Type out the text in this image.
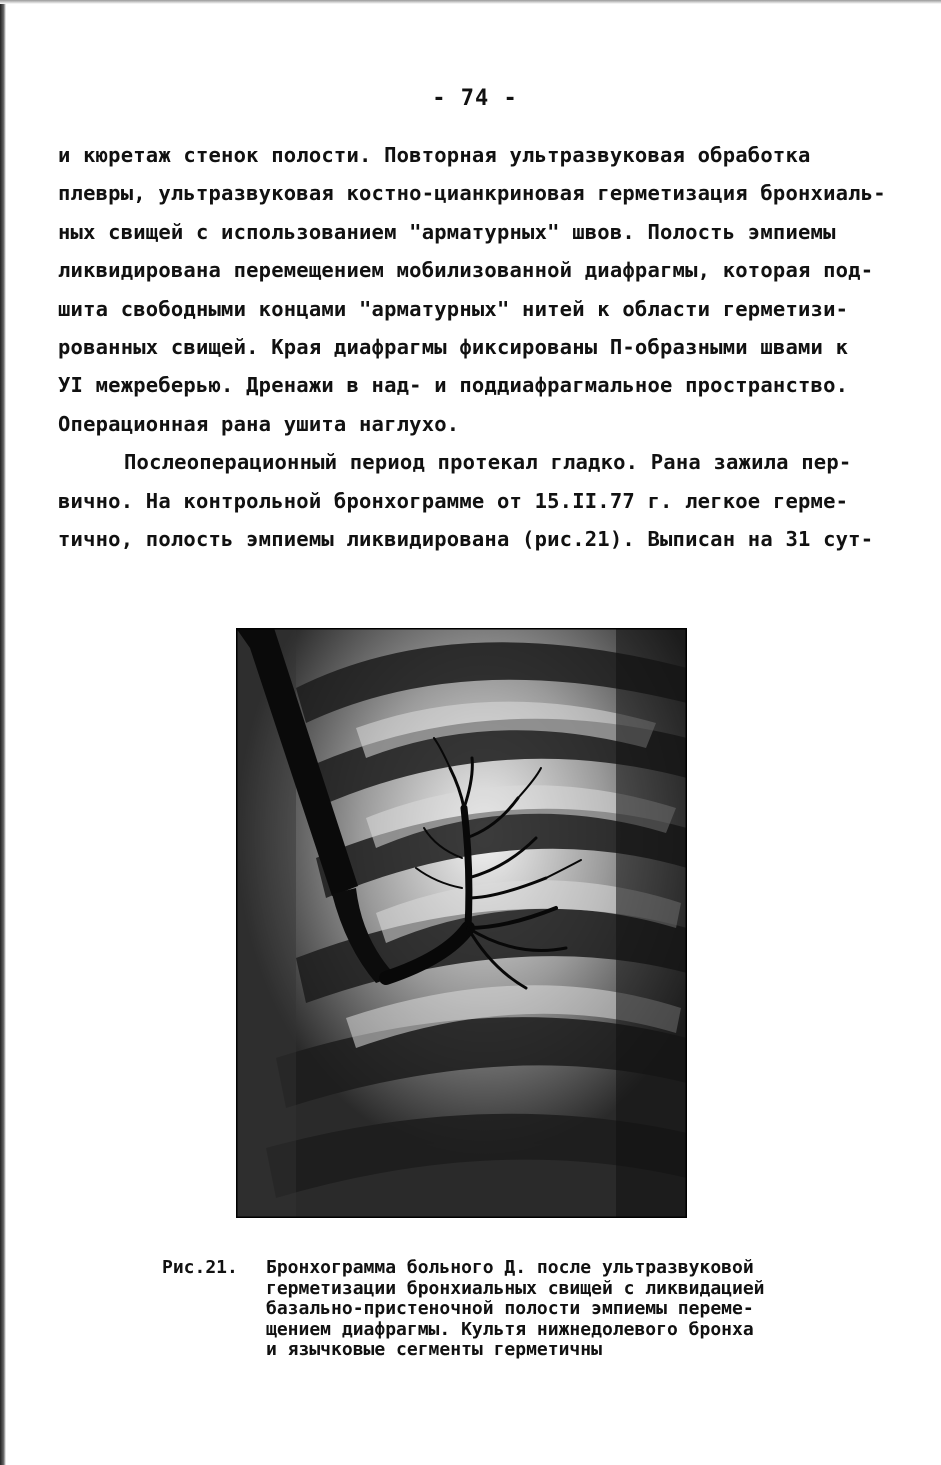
- 74 -
и кюретаж стенок полости. Повторная ультразвуковая обработка
плевры, ультразвуковая костно-цианкриновая герметизация бронхиаль-
ных свищей с использованием "арматурных" швов. Полость эмпиемы
ликвидирована перемещением мобилизованной диафрагмы, которая под-
шита свободными концами "арматурных" нитей к области герметизи-
рованных свищей. Края диафрагмы фиксированы П-образными швами к
УI межреберью. Дренажи в над- и поддиафрагмальное пространство.
Операционная рана ушита наглухо.
Послеоперационный период протекал гладко. Рана зажила пер-
вично. На контрольной бронхограмме от 15.II.77 г. легкое герме-
тично, полость эмпиемы ликвидирована (рис.21). Выписан на 31 сут-
Рис.21. Бронхограмма больного Д. после ультразвуковой
герметизации бронхиальных свищей с ликвидацией
базально-пристеночной полости эмпиемы переме-
щением диафрагмы. Культя нижнедолевого бронха
и язычковые сегменты герметичны
